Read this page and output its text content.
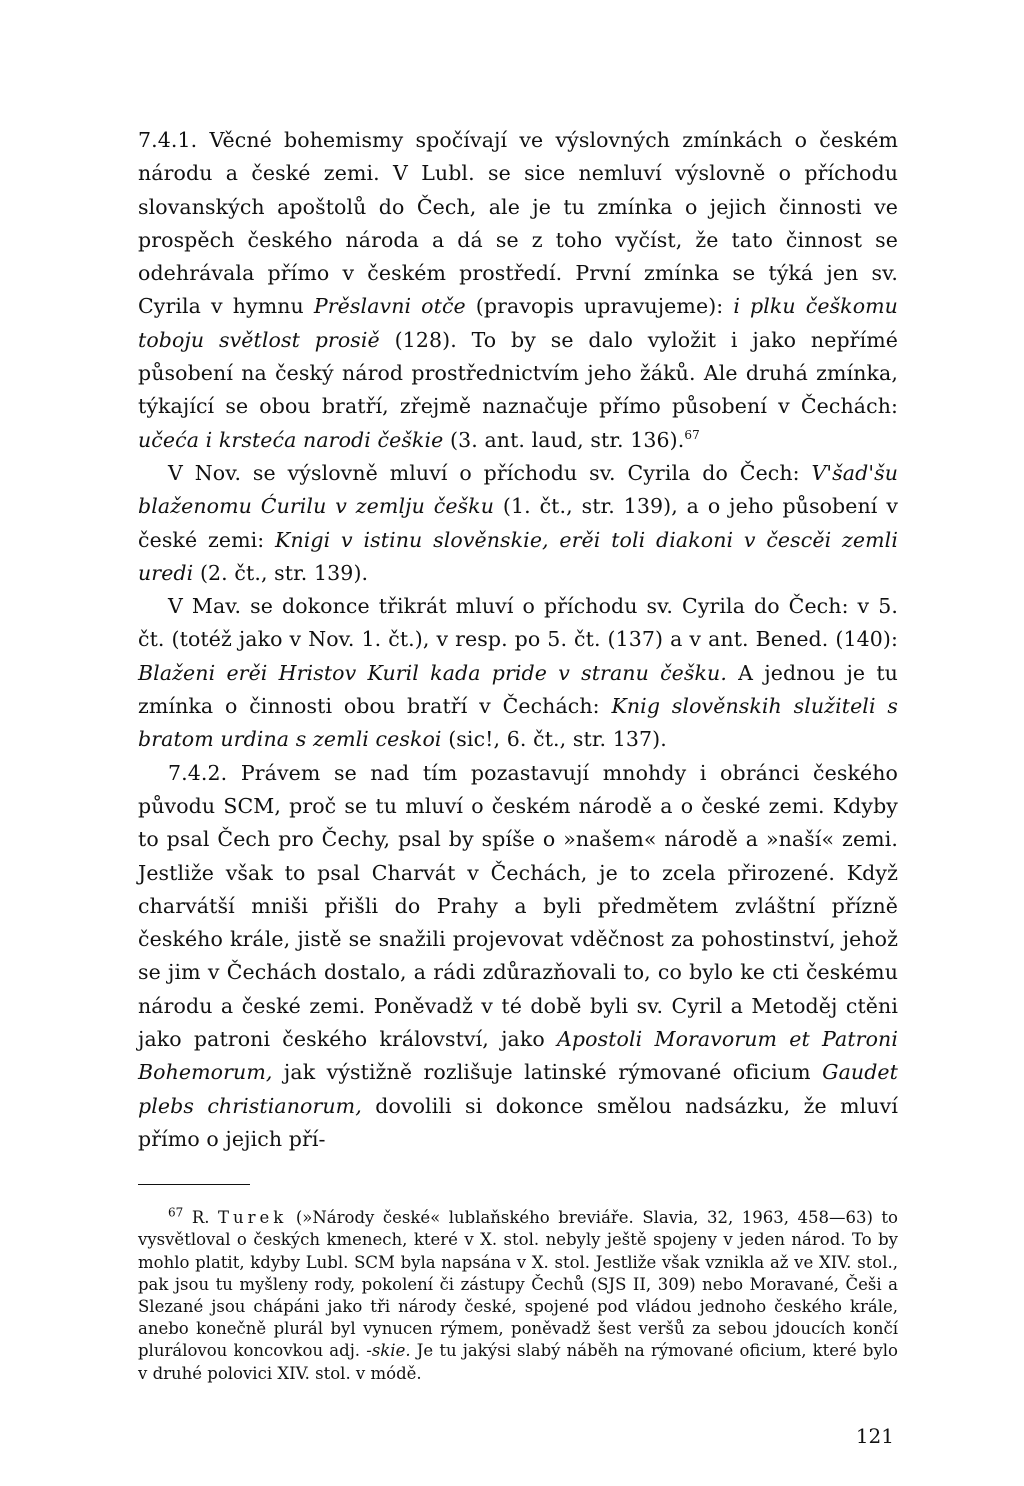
7.4.1. Věcné bohemismy spočívají ve výslovných zmínkách o českém národu a české zemi. V Lubl. se sice nemluví výslovně o příchodu slovanských apoštolů do Čech, ale je tu zmínka o jejich činnosti ve prospěch českého národa a dá se z toho vyčíst, že tato činnost se odehrávala přímo v českém prostředí. První zmínka se týká jen sv. Cyrila v hymnu Prěslavni otče (pravopis upravujeme): i plku češkomu toboju světlost prosiě (128). To by se dalo vyložit i jako nepřímé působení na český národ prostřednictvím jeho žáků. Ale druhá zmínka, týkající se obou bratří, zřejmě naznačuje přímo působení v Čechách: učeća i krsteća narodi češkie (3. ant. laud, str. 136).$^{67}$

V Nov. se výslovně mluví o příchodu sv. Cyrila do Čech: V'šad'šu blaženomu Ćurilu v zemlju češku (1. čt., str. 139), a o jeho působení v české zemi: Knigi v istinu slověnskie, erěi toli diakoni v čescěi zemli uredi (2. čt., str. 139).

V Mav. se dokonce třikrát mluví o příchodu sv. Cyrila do Čech: v 5. čt. (totéž jako v Nov. 1. čt.), v resp. po 5. čt. (137) a v ant. Bened. (140): Blaženi erěi Hristov Kuril kada pride v stranu češku. A jednou je tu zmínka o činnosti obou bratří v Čechách: Knig slověnskih služiteli s bratom urdina s zemli ceskoi (sic!, 6. čt., str. 137).

7.4.2. Právem se nad tím pozastavují mnohdy i obránci českého původu SCM, proč se tu mluví o českém národě a o české zemi. Kdyby to psal Čech pro Čechy, psal by spíše o »našem« národě a »naší« zemi. Jestliže však to psal Charvát v Čechách, je to zcela přirozené. Když charvátší mniši přišli do Prahy a byli předmětem zvláštní přízně českého krále, jistě se snažili projevovat vděčnost za pohostinství, jehož se jim v Čechách dostalo, a rádi zdůrazňovali to, co bylo ke cti českému národu a české zemi. Poněvadž v té době byli sv. Cyril a Metoděj ctěni jako patroni českého království, jako Apostoli Moravorum et Patroni Bohemorum, jak výstižně rozlišuje latinské rýmované oficium Gaudet plebs christianorum, dovolili si dokonce smělou nadsázku, že mluví přímo o jejich pří-

$^{67}$ R. Turek (»Národy české« lublaňského breviáře. Slavia, 32, 1963, 458—63) to vysvětloval o českých kmenech, které v X. stol. nebyly ještě spojeny v jeden národ. To by mohlo platit, kdyby Lubl. SCM byla napsána v X. stol. Jestliže však vznikla až ve XIV. stol., pak jsou tu myšleny rody, pokolení či zástupy Čechů (SJS II, 309) nebo Moravané, Češi a Slezané jsou chápáni jako tři národy české, spojené pod vládou jednoho českého krále, anebo konečně plurál byl vynucen rýmem, poněvadž šest veršů za sebou jdoucích končí plurálovou koncovkou adj. -skie. Je tu jakýsi slabý náběh na rýmované oficium, které bylo v druhé polovici XIV. stol. v módě.

121
